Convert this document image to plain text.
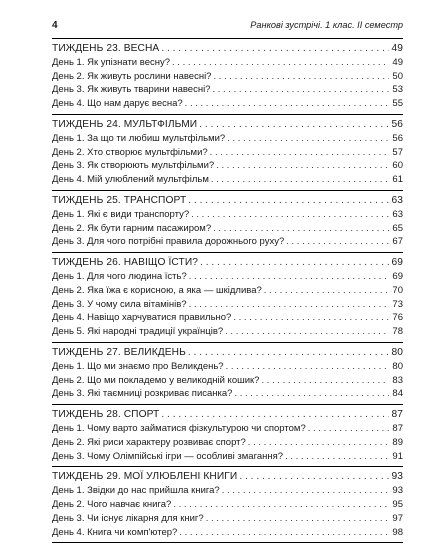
4	Ранкові зустрічі. 1 клас. ІІ семестр
ТИЖДЕНЬ 23. ВЕСНА . . .	49
День 1. Як упізнати весну? . . .	49
День 2. Як живуть рослини навесні? . . .	50
День 3. Як живуть тварини навесні? . . .	53
День 4. Що нам дарує весна? . . .	55
ТИЖДЕНЬ 24. МУЛЬТФІЛЬМИ . . .	56
День 1. За що ти любиш мультфільми? . . .	56
День 2. Хто створює мультфільми? . . .	57
День 3. Як створюють мультфільми? . . .	60
День 4. Мій улюблений мультфільм . . .	61
ТИЖДЕНЬ 25. ТРАНСПОРТ . . .	63
День 1. Які є види транспорту? . . .	63
День 2. Як бути гарним пасажиром? . . .	65
День 3. Для чого потрібні правила дорожнього руху? . . .	67
ТИЖДЕНЬ 26. НАВІЩО ЇСТИ? . . .	69
День 1. Для чого людина їсть? . . .	69
День 2. Яка їжа є корисною, а яка — шкідлива? . . .	70
День 3. У чому сила вітамінів? . . .	73
День 4. Навіщо харчуватися правильно? . . .	76
День 5. Які народні традиції українців? . . .	78
ТИЖДЕНЬ 27. ВЕЛИКДЕНЬ . . .	80
День 1. Що ми знаємо про Великдень? . . .	80
День 2. Що ми покладемо у великодній кошик? . . .	83
День 3. Які таємниці розкриває писанка? . . .	84
ТИЖДЕНЬ 28. СПОРТ . . .	87
День 1. Чому варто займатися фізкультурою чи спортом? . . .	87
День 2. Які риси характеру розвиває спорт? . . .	89
День 3. Чому Олімпійські ігри — особливі змагання? . . .	91
ТИЖДЕНЬ 29. МОЇ УЛЮБЛЕНІ КНИГИ . . .	93
День 1. Звідки до нас прийшла книга? . . .	93
День 2. Чого навчає книга? . . .	95
День 3. Чи існує лікарня для книг? . . .	97
День 4. Книга чи комп'ютер? . . .	98
